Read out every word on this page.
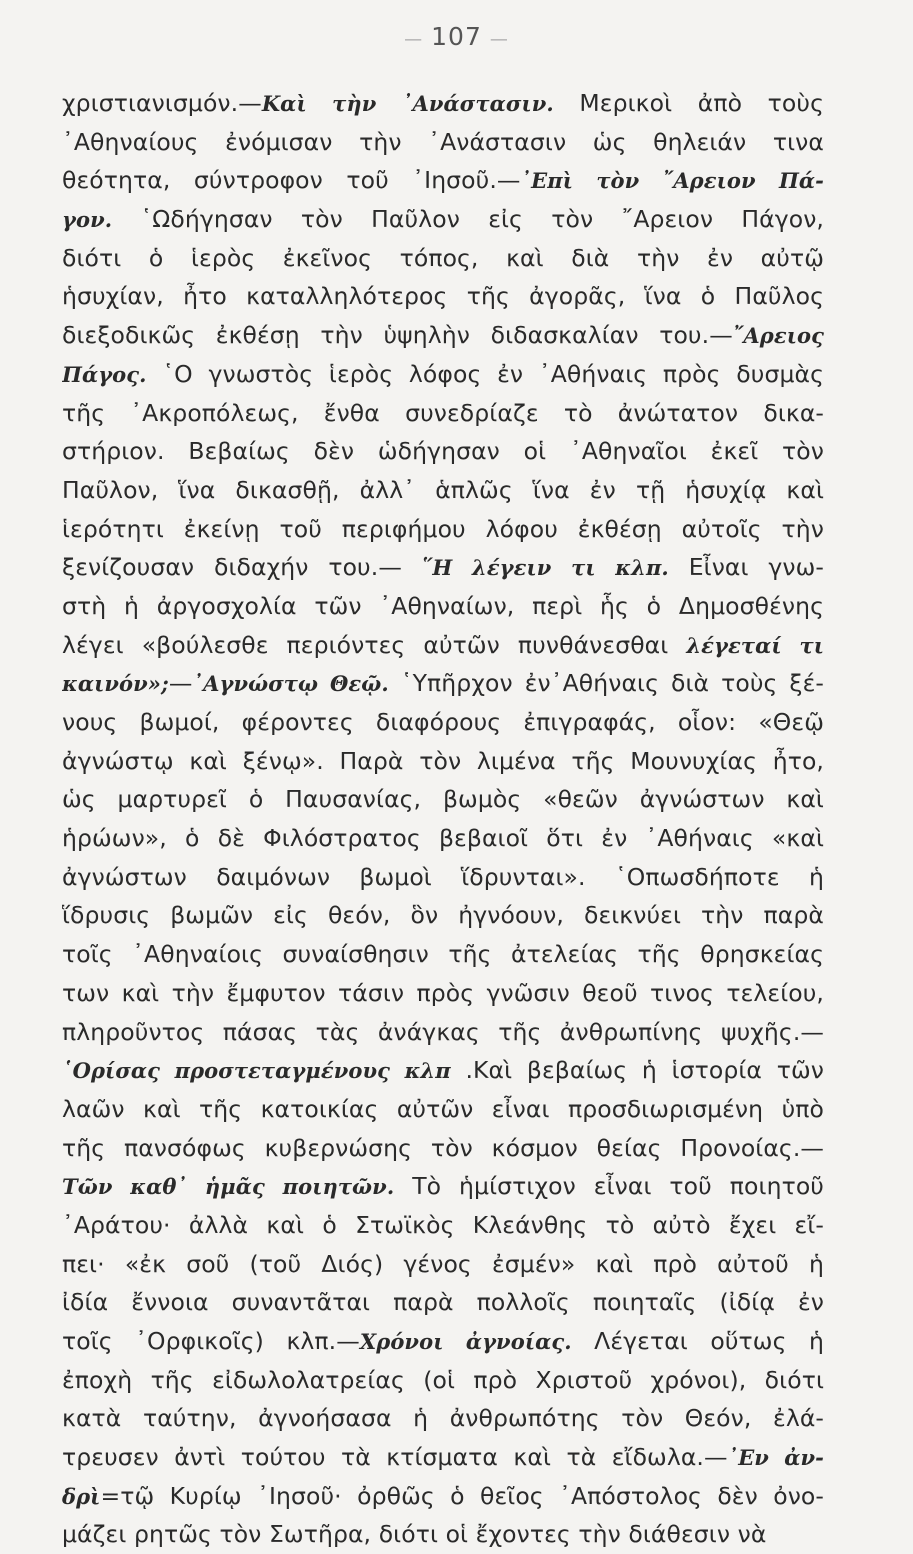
— 107 —
χριστιανισμόν.—Καὶ τὴν ᾿Ανάστασιν. Μερικοὶ ἀπὸ τοὺς
᾿Αθηναίους ἐνόμισαν τὴν ᾿Ανάστασιν ὡς θηλειάν τινα
θεότητα, σύντροφον τοῦ ᾿Ιησοῦ.—᾿Επὶ τὸν ῎Αρειον Πά-
γον. ῾Ωδήγησαν τὸν Παῦλον εἰς τὸν ῎Αρειον Πάγον,
διότι ὁ ἱερὸς ἐκεῖνος τόπος, καὶ διὰ τὴν ἐν αὐτῷ
ἡσυχίαν, ἦτο καταλληλότερος τῆς ἀγορᾶς, ἵνα ὁ Παῦλος
διεξοδικῶς ἐκθέσῃ τὴν ὑψηλὴν διδασκαλίαν του.—῎Αρειος
Πάγος. ῾Ο γνωστὸς ἱερὸς λόφος ἐν ᾿Αθήναις πρὸς δυσμὰς
τῆς ᾿Ακροπόλεως, ἔνθα συνεδρίαζε τὸ ἀνώτατον δικα-
στήριον. Βεβαίως δὲν ὡδήγησαν οἱ ᾿Αθηναῖοι ἐκεῖ τὸν
Παῦλον, ἵνα δικασθῇ, ἀλλ᾿ ἁπλῶς ἵνα ἐν τῇ ἡσυχίᾳ καὶ
ἱερότητι ἐκείνῃ τοῦ περιφήμου λόφου ἐκθέσῃ αὐτοῖς τὴν
ξενίζουσαν διδαχήν του.— ῞Η λέγειν τι κλπ. Εἶναι γνω-
στὴ ἡ ἀργοσχολία τῶν ᾿Αθηναίων, περὶ ἧς ὁ Δημοσθένης
λέγει «βούλεσθε περιόντες αὐτῶν πυνθάνεσθαι λέγεταί τι
καινόν»;—᾿Αγνώστῳ Θεῷ. ῾Υπῆρχον ἐν᾿Αθήναις διὰ τοὺς ξέ-
νους βωμοί, φέροντες διαφόρους ἐπιγραφάς, οἷον: «Θεῷ
ἀγνώστῳ καὶ ξένῳ». Παρὰ τὸν λιμένα τῆς Μουνυχίας ἦτο,
ὡς μαρτυρεῖ ὁ Παυσανίας, βωμὸς «θεῶν ἀγνώστων καὶ
ἡρώων», ὁ δὲ Φιλόστρατος βεβαιοῖ ὅτι ἐν ᾿Αθήναις «καὶ
ἀγνώστων δαιμόνων βωμοὶ ἵδρυνται». ῾Οπωσδήποτε ἡ
ἵδρυσις βωμῶν εἰς θεόν, ὃν ἠγνόουν, δεικνύει τὴν παρὰ
τοῖς ᾿Αθηναίοις συναίσθησιν τῆς ἀτελείας τῆς θρησκείας
των καὶ τὴν ἔμφυτον τάσιν πρὸς γνῶσιν θεοῦ τινος τελείου,
πληροῦντος πάσας τὰς ἀνάγκας τῆς ἀνθρωπίνης ψυχῆς.—
῾Ορίσας προστεταγμένους κλπ .Καὶ βεβαίως ἡ ἱστορία τῶν
λαῶν καὶ τῆς κατοικίας αὐτῶν εἶναι προσδιωρισμένη ὑπὸ
τῆς πανσόφως κυβερνώσης τὸν κόσμον θείας Προνοίας.—
Τῶν καθ᾿ ἡμᾶς ποιητῶν. Τὸ ἡμίστιχον εἶναι τοῦ ποιητοῦ
᾿Αράτου· ἀλλὰ καὶ ὁ Στωϊκὸς Κλεάνθης τὸ αὐτὸ ἔχει εἴ-
πει· «ἐκ σοῦ (τοῦ Διός) γένος ἐσμέν» καὶ πρὸ αὐτοῦ ἡ
ἰδία ἔννοια συναντᾶται παρὰ πολλοῖς ποιηταῖς (ἰδίᾳ ἐν
τοῖς ᾿Ορφικοῖς) κλπ.—Χρόνοι ἀγνοίας. Λέγεται οὕτως ἡ
ἐποχὴ τῆς εἰδωλολατρείας (οἱ πρὸ Χριστοῦ χρόνοι), διότι
κατὰ ταύτην, ἀγνοήσασα ἡ ἀνθρωπότης τὸν Θεόν, ἐλά-
τρευσεν ἀντὶ τούτου τὰ κτίσματα καὶ τὰ εἴδωλα.—᾿Εν ἀν-
δρὶ=τῷ Κυρίῳ ᾿Ιησοῦ· ὀρθῶς ὁ θεῖος ᾿Απόστολος δὲν ὀνο-
μάζει ρητῶς τὸν Σωτῆρα, διότι οἱ ἔχοντες τὴν διάθεσιν νὰ
